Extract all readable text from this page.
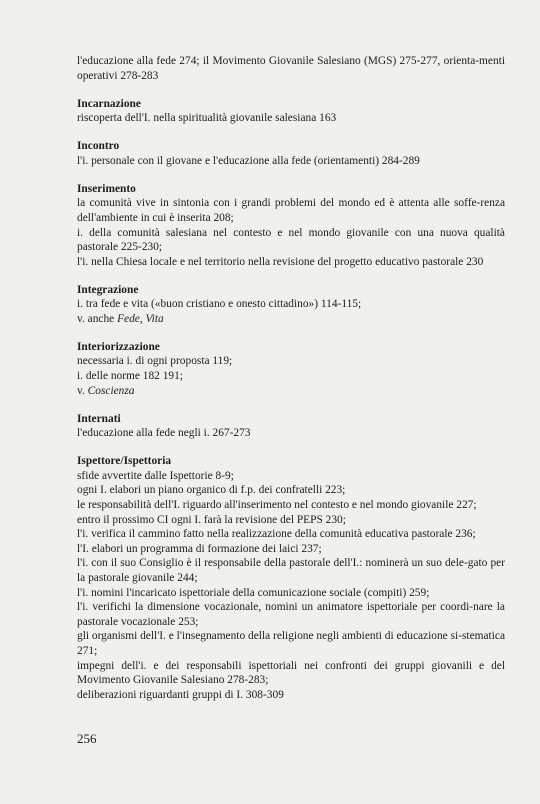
l'educazione alla fede 274; il Movimento Giovanile Salesiano (MGS) 275-277, orienta-menti operativi 278-283

Incarnazione

riscoperta dell'I. nella spiritualità giovanile salesiana 163

Incontro

l'i. personale con il giovane e l'educazione alla fede (orientamenti) 284-289

Inserimento

la comunità vive in sintonia con i grandi problemi del mondo ed è attenta alle soffe-renza dell'ambiente in cui è inserita 208;

i. della comunità salesiana nel contesto e nel mondo giovanile con una nuova qualità pastorale 225-230;

l'i. nella Chiesa locale e nel territorio nella revisione del progetto educativo pastorale 230

Integrazione

i. tra fede e vita («buon cristiano e onesto cittadino») 114-115;

v. anche Fede, Vita

Interiorizzazione

necessaria i. di ogni proposta 119;

i. delle norme 182 191;

v. Coscienza

Internati

l'educazione alla fede negli i. 267-273

Ispettore/Ispettoria

sfide avvertite dalle Ispettorie 8-9;

ogni I. elabori un piano organico di f.p. dei confratelli 223;

le responsabilità dell'I. riguardo all'inserimento nel contesto e nel mondo giovanile 227;

entro il prossimo CI ogni I. farà la revisione del PEPS 230;

l'i. verifica il cammino fatto nella realizzazione della comunità educativa pastorale 236;

l'I. elabori un programma di formazione dei laici 237;

l'i. con il suo Consiglio è il responsabile della pastorale dell'I.: nominerà un suo dele-gato per la pastorale giovanile 244;

l'i. nomini l'incaricato ispettoriale della comunicazione sociale (compiti) 259;

l'i. verifichi la dimensione vocazionale, nomini un animatore ispettoriale per coordi-nare la pastorale vocazionale 253;

gli organismi dell'I. e l'insegnamento della religione negli ambienti di educazione si-stematica 271;

impegni dell'i. e dei responsabili ispettoriali nei confronti dei gruppi giovanili e del Movimento Giovanile Salesiano 278-283;

deliberazioni riguardanti gruppi di I. 308-309

256
